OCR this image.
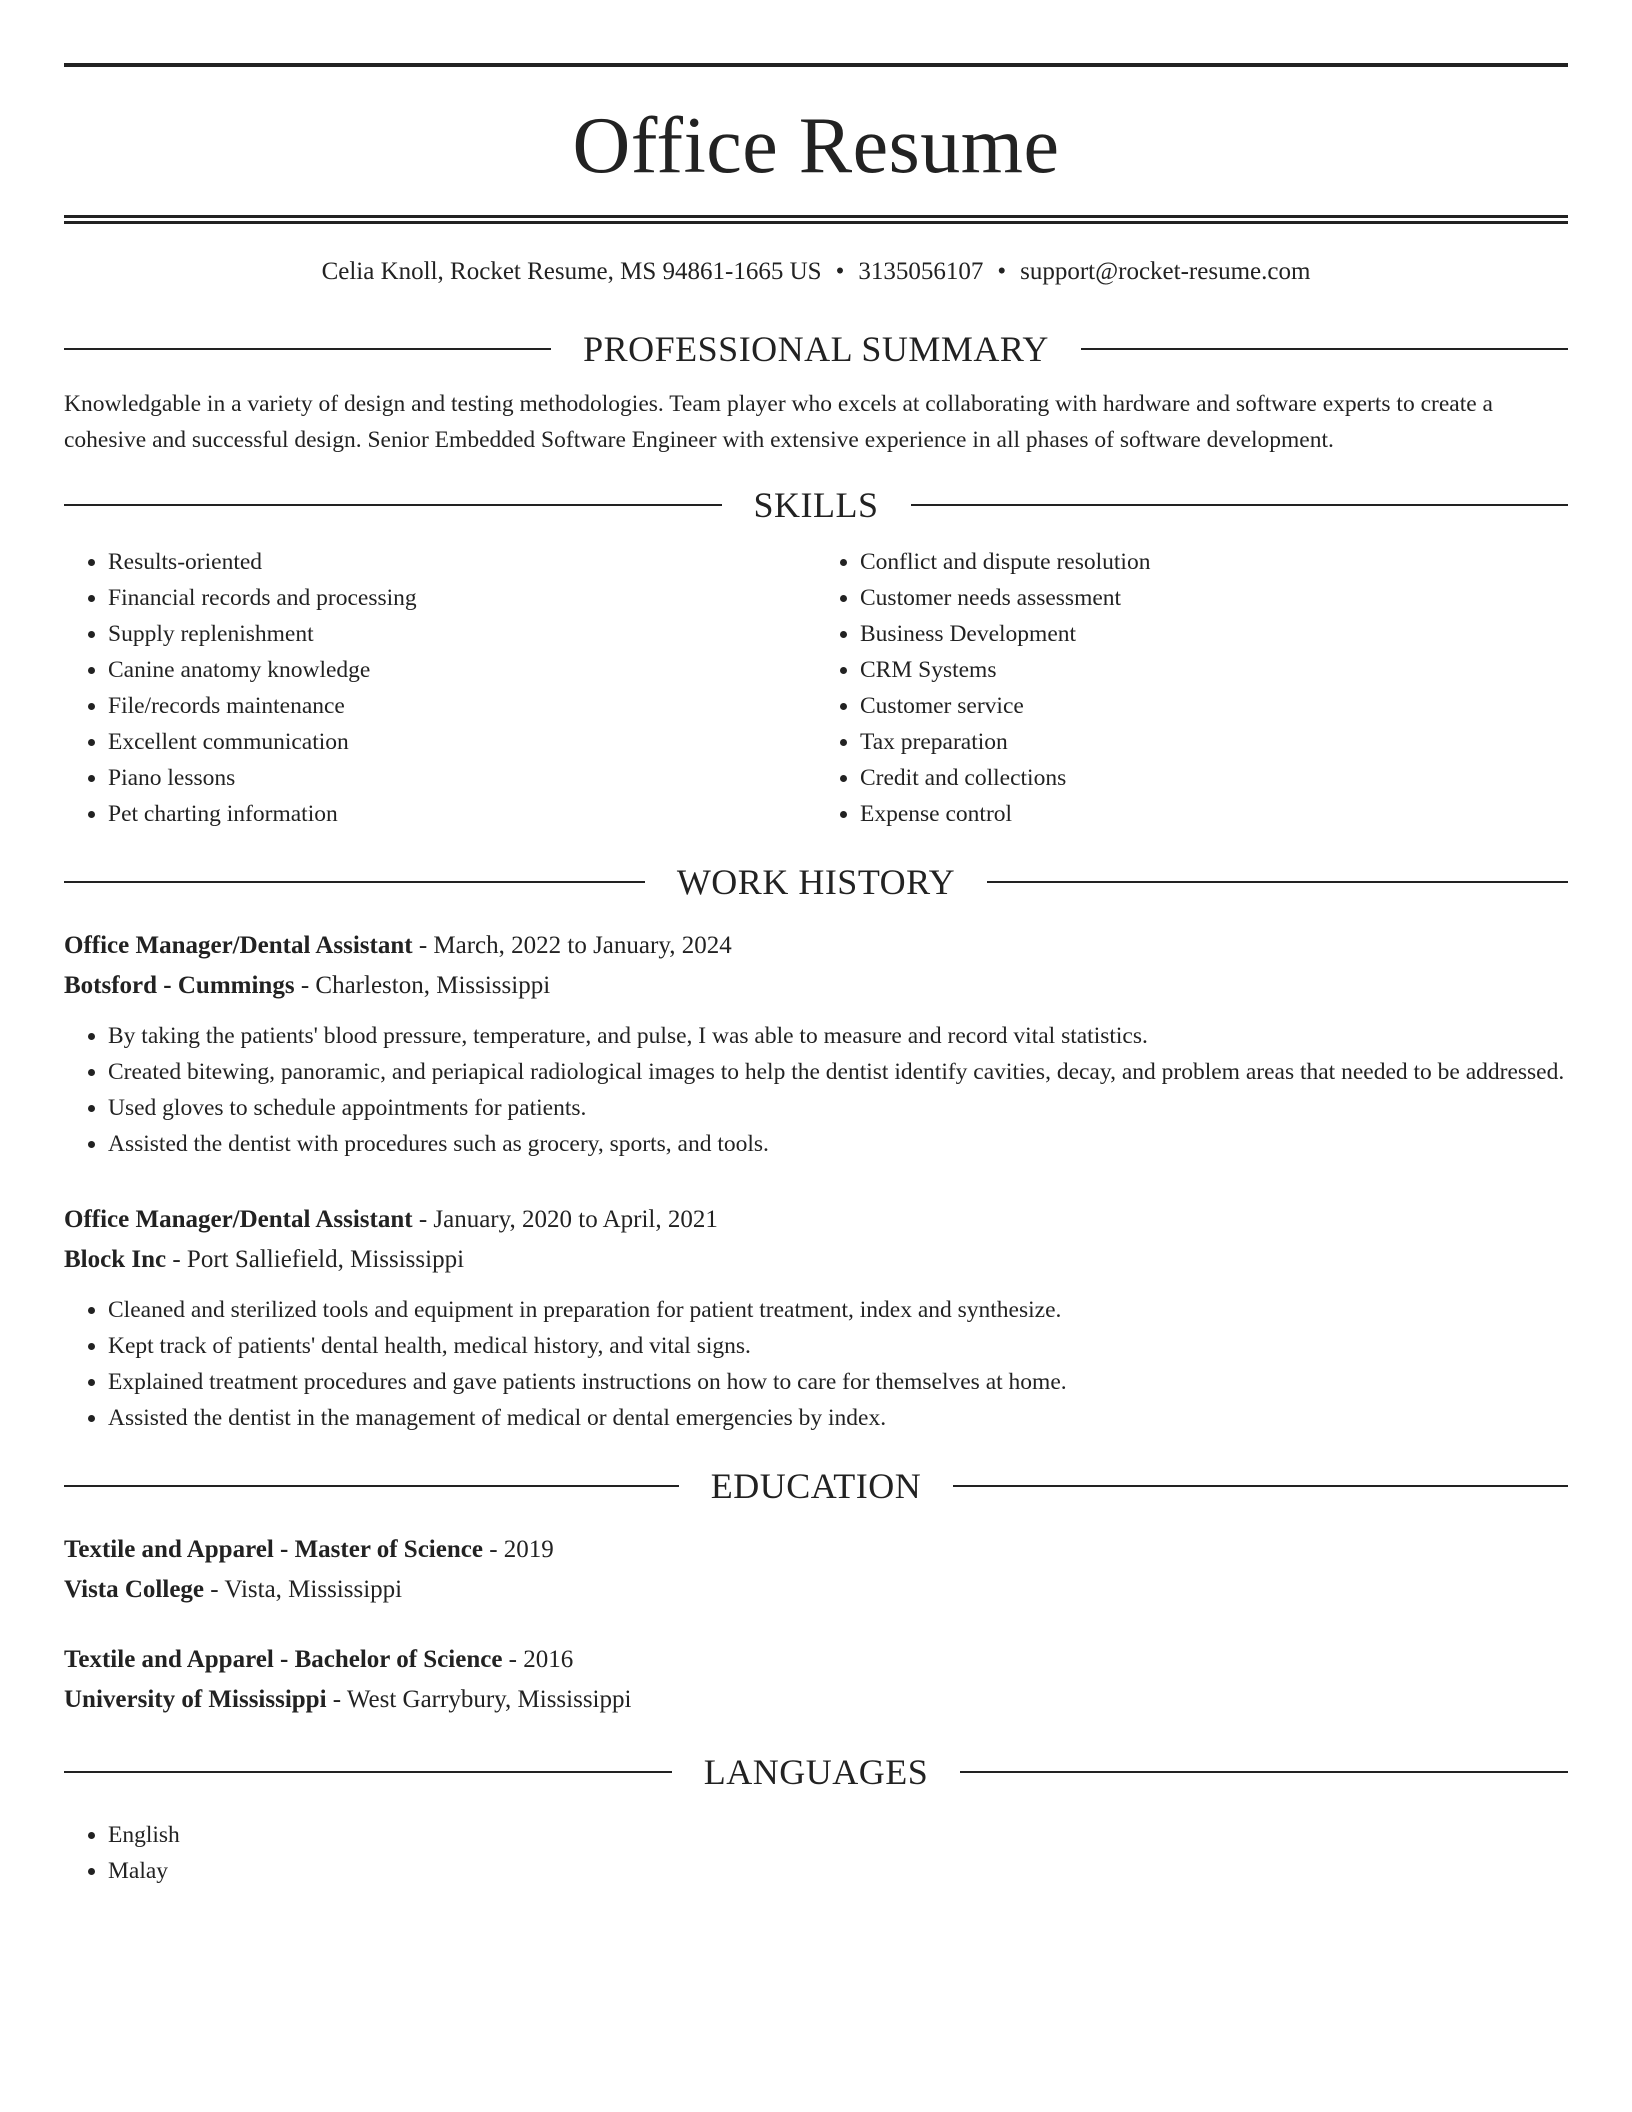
Office Resume
Celia Knoll, Rocket Resume, MS 94861-1665 US • 3135056107 • support@rocket-resume.com
PROFESSIONAL SUMMARY
Knowledgable in a variety of design and testing methodologies. Team player who excels at collaborating with hardware and software experts to create a cohesive and successful design. Senior Embedded Software Engineer with extensive experience in all phases of software development.
SKILLS
• Results-oriented
• Financial records and processing
• Supply replenishment
• Canine anatomy knowledge
• File/records maintenance
• Excellent communication
• Piano lessons
• Pet charting information
• Conflict and dispute resolution
• Customer needs assessment
• Business Development
• CRM Systems
• Customer service
• Tax preparation
• Credit and collections
• Expense control
WORK HISTORY
Office Manager/Dental Assistant - March, 2022 to January, 2024
Botsford - Cummings - Charleston, Mississippi
• By taking the patients' blood pressure, temperature, and pulse, I was able to measure and record vital statistics.
• Created bitewing, panoramic, and periapical radiological images to help the dentist identify cavities, decay, and problem areas that needed to be addressed.
• Used gloves to schedule appointments for patients.
• Assisted the dentist with procedures such as grocery, sports, and tools.
Office Manager/Dental Assistant - January, 2020 to April, 2021
Block Inc - Port Salliefield, Mississippi
• Cleaned and sterilized tools and equipment in preparation for patient treatment, index and synthesize.
• Kept track of patients' dental health, medical history, and vital signs.
• Explained treatment procedures and gave patients instructions on how to care for themselves at home.
• Assisted the dentist in the management of medical or dental emergencies by index.
EDUCATION
Textile and Apparel - Master of Science - 2019
Vista College - Vista, Mississippi
Textile and Apparel - Bachelor of Science - 2016
University of Mississippi - West Garrybury, Mississippi
LANGUAGES
• English
• Malay
